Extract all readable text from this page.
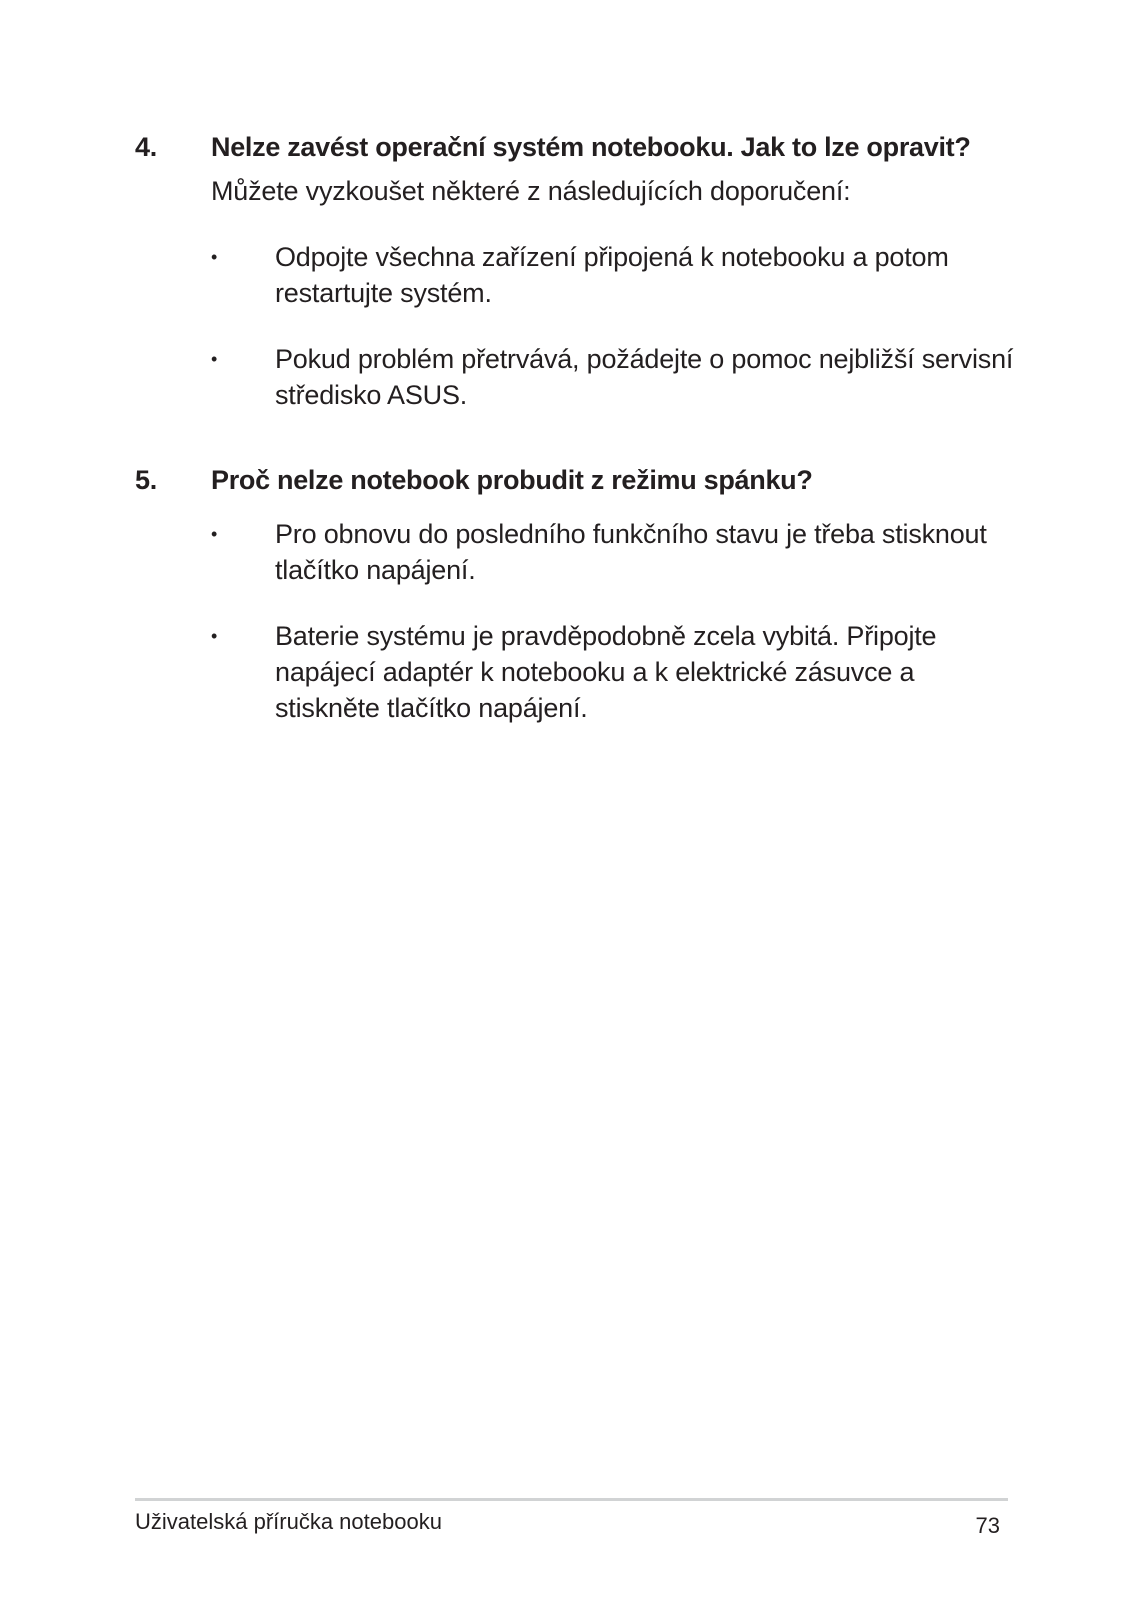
4.	Nelze zavést operační systém notebooku. Jak to lze opravit?
Můžete vyzkoušet některé z následujících doporučení:
•	Odpojte všechna zařízení připojená k notebooku a potom restartujte systém.
•	Pokud problém přetrvává, požádejte o pomoc nejbližší servisní středisko ASUS.
5.	Proč nelze notebook probudit z režimu spánku?
•	Pro obnovu do posledního funkčního stavu je třeba stisknout tlačítko napájení.
•	Baterie systému je pravděpodobně zcela vybitá. Připojte napájecí adaptér k notebooku a k elektrické zásuvce a stiskněte tlačítko napájení.
Uživatelská příručka notebooku	73
